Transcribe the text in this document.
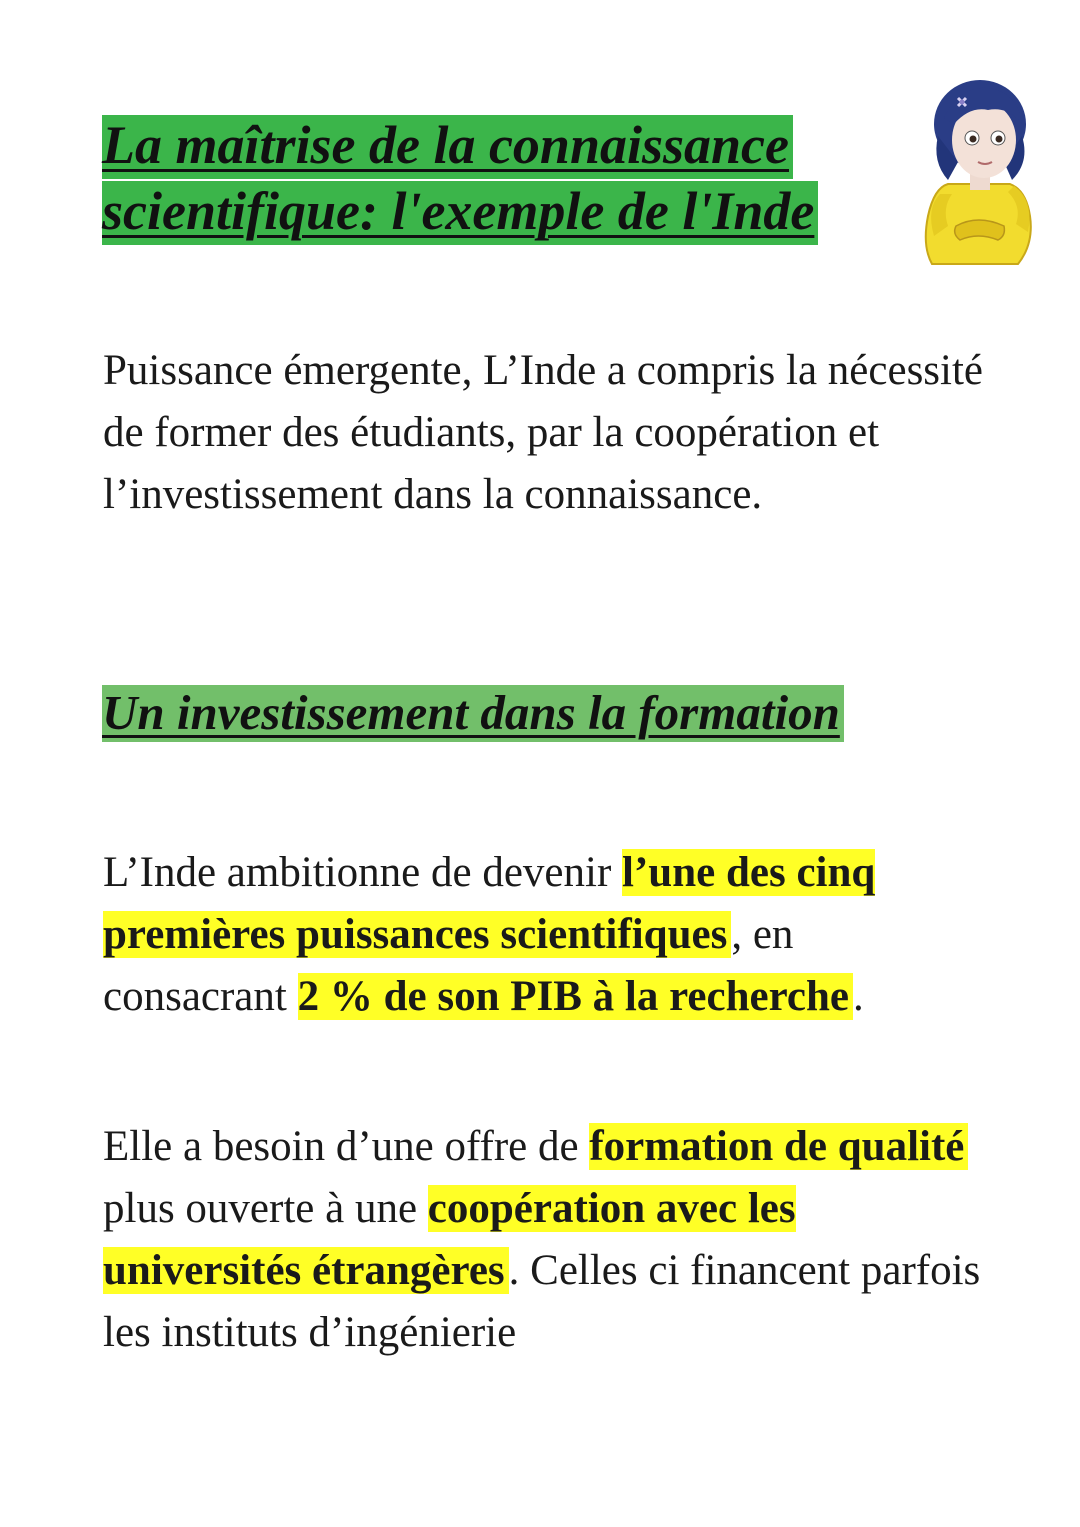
La maîtrise de la connaissance
scientifique: l'exemple de l'Inde

Puissance émergente, L’Inde a compris la nécessité de former des étudiants, par la coopération et l’investissement dans la connaissance.

Un investissement dans la formation

L’Inde ambitionne de devenir l’une des cinq premières puissances scientifiques, en consacrant 2 % de son PIB à la recherche.

Elle a besoin d’une offre de formation de qualité plus ouverte à une coopération avec les universités étrangères. Celles ci financent parfois les instituts d’ingénierie
